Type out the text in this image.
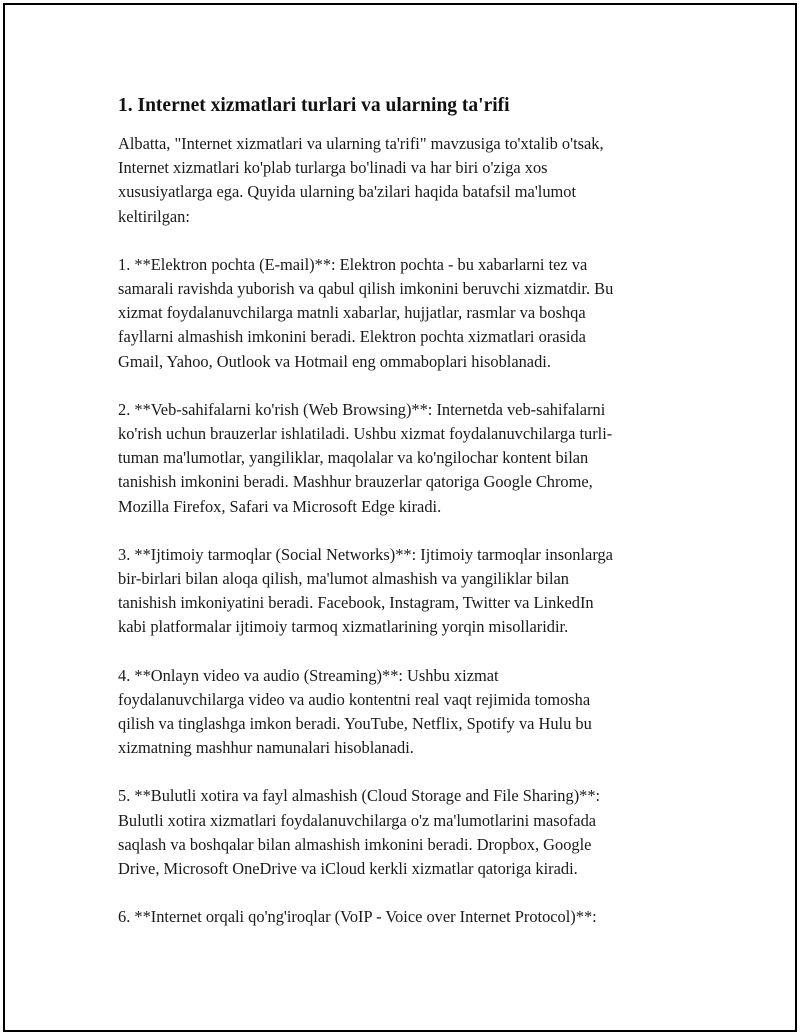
1. Internet xizmatlari turlari va ularning ta'rifi

Albatta, "Internet xizmatlari va ularning ta'rifi" mavzusiga to'xtalib o'tsak,
Internet xizmatlari ko'plab turlarga bo'linadi va har biri o'ziga xos
xususiyatlarga ega. Quyida ularning ba'zilari haqida batafsil ma'lumot
keltirilgan:

1. **Elektron pochta (E-mail)**: Elektron pochta - bu xabarlarni tez va
samarali ravishda yuborish va qabul qilish imkonini beruvchi xizmatdir. Bu
xizmat foydalanuvchilarga matnli xabarlar, hujjatlar, rasmlar va boshqa
fayllarni almashish imkonini beradi. Elektron pochta xizmatlari orasida
Gmail, Yahoo, Outlook va Hotmail eng ommaboplari hisoblanadi.

2. **Veb-sahifalarni ko'rish (Web Browsing)**: Internetda veb-sahifalarni
ko'rish uchun brauzerlar ishlatiladi. Ushbu xizmat foydalanuvchilarga turli-
tuman ma'lumotlar, yangiliklar, maqolalar va ko'ngilochar kontent bilan
tanishish imkonini beradi. Mashhur brauzerlar qatoriga Google Chrome,
Mozilla Firefox, Safari va Microsoft Edge kiradi.

3. **Ijtimoiy tarmoqlar (Social Networks)**: Ijtimoiy tarmoqlar insonlarga
bir-birlari bilan aloqa qilish, ma'lumot almashish va yangiliklar bilan
tanishish imkoniyatini beradi. Facebook, Instagram, Twitter va LinkedIn
kabi platformalar ijtimoiy tarmoq xizmatlarining yorqin misollaridir.

4. **Onlayn video va audio (Streaming)**: Ushbu xizmat
foydalanuvchilarga video va audio kontentni real vaqt rejimida tomosha
qilish va tinglashga imkon beradi. YouTube, Netflix, Spotify va Hulu bu
xizmatning mashhur namunalari hisoblanadi.

5. **Bulutli xotira va fayl almashish (Cloud Storage and File Sharing)**:
Bulutli xotira xizmatlari foydalanuvchilarga o'z ma'lumotlarini masofada
saqlash va boshqalar bilan almashish imkonini beradi. Dropbox, Google
Drive, Microsoft OneDrive va iCloud kerkli xizmatlar qatoriga kiradi.

6. **Internet orqali qo'ng'iroqlar (VoIP - Voice over Internet Protocol)**:
